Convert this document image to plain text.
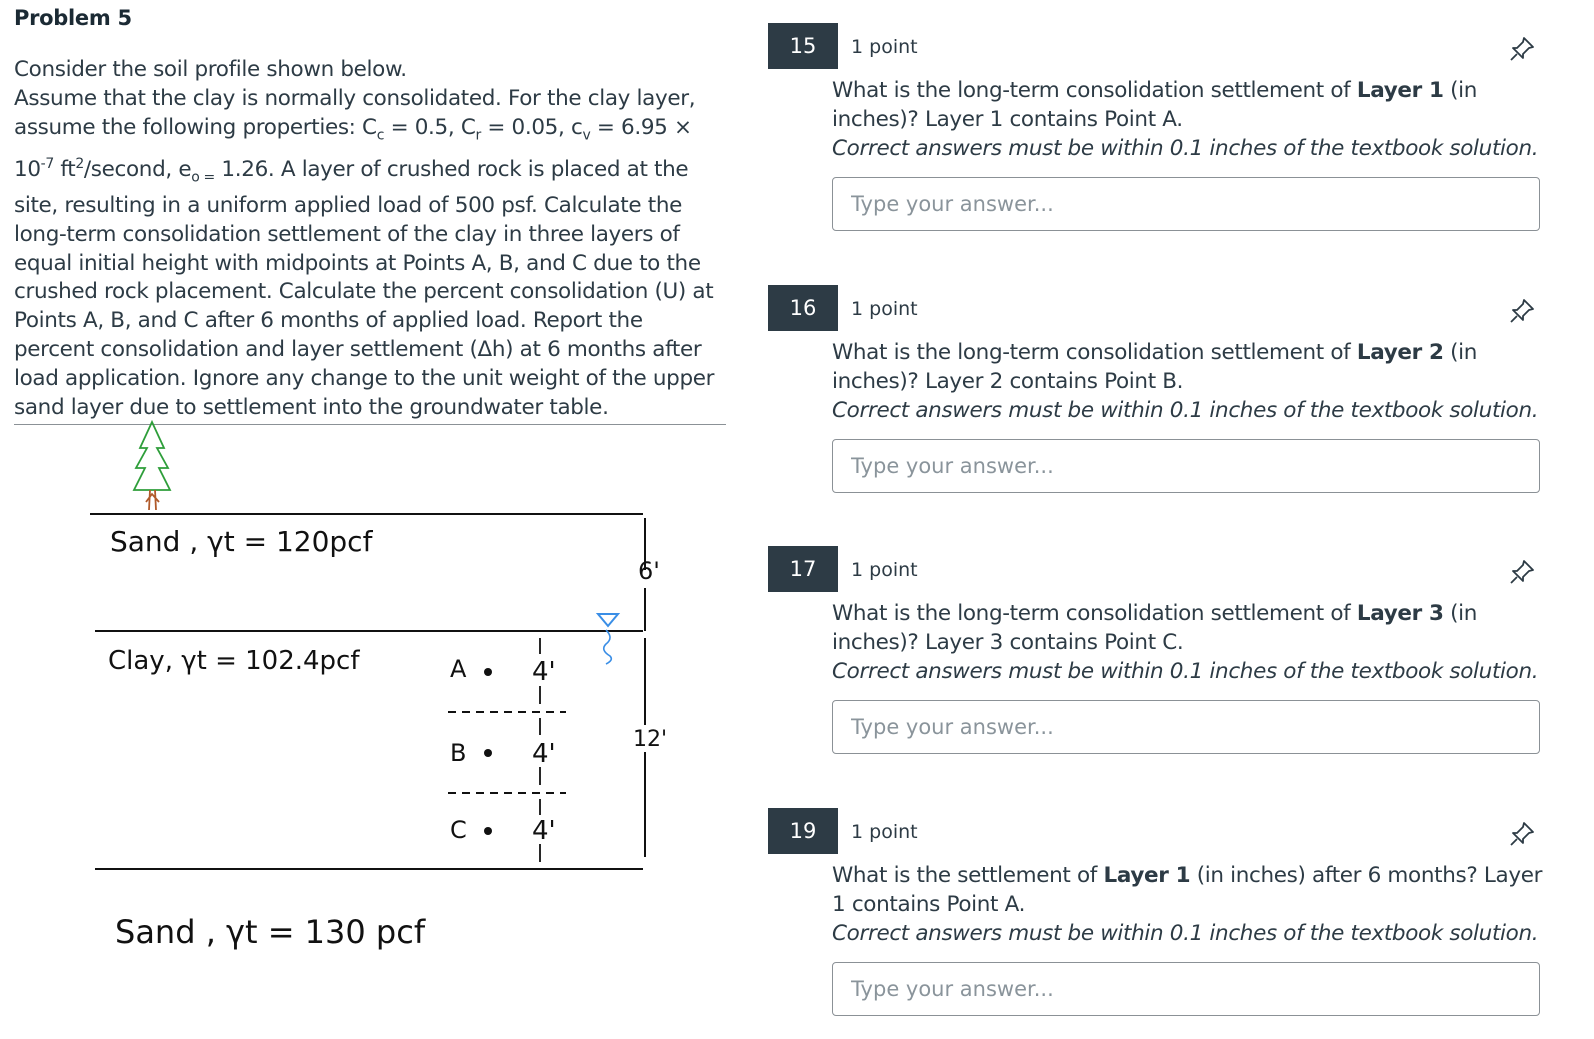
Problem 5

Consider the soil profile shown below.

Assume that the clay is normally consolidated. For the clay layer, assume the following properties: $C_c = 0.5$, $C_r = 0.05$, $c_v = 6.95 \times 10^{-7}$ $ft^2$/second, $e_{o =}$ 1.26. A layer of crushed rock is placed at the site, resulting in a uniform applied load of 500 psf. Calculate the long-term consolidation settlement of the clay in three layers of equal initial height with midpoints at Points A, B, and C due to the crushed rock placement. Calculate the percent consolidation (U) at Points A, B, and C after 6 months of applied load. Report the percent consolidation and layer settlement (Δh) at 6 months after load application. Ignore any change to the unit weight of the upper sand layer due to settlement into the groundwater table.

6'
12'
Sand , γt = 120pcf
Clay, γt = 102.4pcf
Sand , γt = 130 pcf
A	4'
B	4'
C	4'
15	1 point
What is the long-term consolidation settlement of Layer 1 (in inches)? Layer 1 contains Point A.
Correct answers must be within 0.1 inches of the textbook solution.
Type your answer...
16	1 point
What is the long-term consolidation settlement of Layer 2 (in inches)? Layer 2 contains Point B.
Correct answers must be within 0.1 inches of the textbook solution.
Type your answer...
17	1 point
What is the long-term consolidation settlement of Layer 3 (in inches)? Layer 3 contains Point C.
Correct answers must be within 0.1 inches of the textbook solution.
Type your answer...
19	1 point
What is the settlement of Layer 1 (in inches) after 6 months? Layer 1 contains Point A.
Correct answers must be within 0.1 inches of the textbook solution.
Type your answer...
